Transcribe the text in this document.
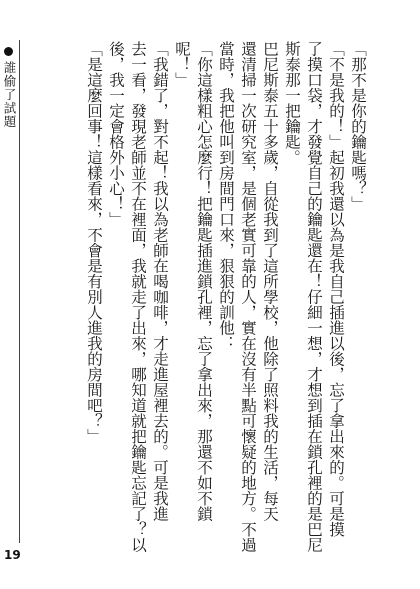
誰偷了試題	「那不是你的鑰匙嗎？」
「不是我的！」起初我還以為是我自己插進以後，忘了拿出來的。可是摸
了摸口袋，才發覺自己的鑰匙還在！仔細一想，才想到插在鎖孔裡的是巴尼
斯泰那一把鑰匙。
巴尼斯泰五十多歲，自從我到了這所學校，他除了照料我的生活，每天
還清掃一次研究室，是個老實可靠的人，實在沒有半點可懷疑的地方。不過
當時，我把他叫到房間門口來，狠狠的訓他：
「你這樣粗心怎麼行！把鑰匙插進鎖孔裡，忘了拿出來，那還不如不鎖
呢！」
「我錯了，對不起！我以為老師在喝咖啡，才走進屋裡去的。可是我進
去一看，發現老師並不在裡面，我就走了出來，哪知道就把鑰匙忘記了？以
後，我一定會格外小心！」
「是這麼回事！這樣看來，不會是有別人進我的房間吧？」
19
